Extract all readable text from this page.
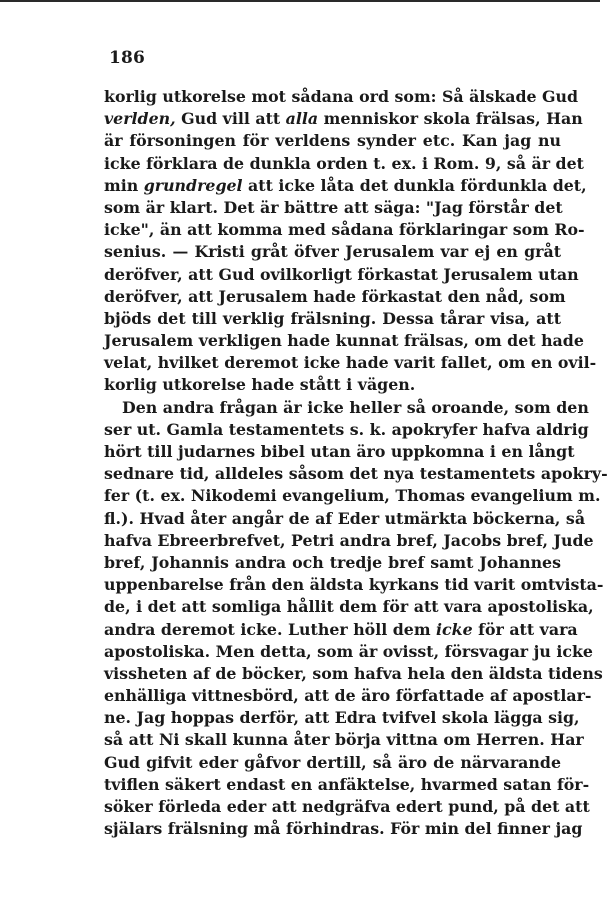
186
korlig utkorelse mot sådana ord som: Så älskade Gud
verlden, Gud vill att alla menniskor skola frälsas, Han
är försoningen för verldens synder etc. Kan jag nu
icke förklara de dunkla orden t. ex. i Rom. 9, så är det
min grundregel att icke låta det dunkla fördunkla det,
som är klart. Det är bättre att säga: "Jag förstår det
icke", än att komma med sådana förklaringar som Ro-
senius. — Kristi gråt öfver Jerusalem var ej en gråt
deröfver, att Gud ovilkorligt förkastat Jerusalem utan
deröfver, att Jerusalem hade förkastat den nåd, som
bjöds det till verklig frälsning. Dessa tårar visa, att
Jerusalem verkligen hade kunnat frälsas, om det hade
velat, hvilket deremot icke hade varit fallet, om en ovil-
korlig utkorelse hade stått i vägen.
Den andra frågan är icke heller så oroande, som den
ser ut. Gamla testamentets s. k. apokryfer hafva aldrig
hört till judarnes bibel utan äro uppkomna i en långt
sednare tid, alldeles såsom det nya testamentets apokry-
fer (t. ex. Nikodemi evangelium, Thomas evangelium m.
fl.). Hvad åter angår de af Eder utmärkta böckerna, så
hafva Ebreerbrefvet, Petri andra bref, Jacobs bref, Jude
bref, Johannis andra och tredje bref samt Johannes
uppenbarelse från den äldsta kyrkans tid varit omtvista-
de, i det att somliga hållit dem för att vara apostoliska,
andra deremot icke. Luther höll dem icke för att vara
apostoliska. Men detta, som är ovisst, försvagar ju icke
vissheten af de böcker, som hafva hela den äldsta tidens
enhälliga vittnesbörd, att de äro författade af apostlar-
ne. Jag hoppas derför, att Edra tvifvel skola lägga sig,
så att Ni skall kunna åter börja vittna om Herren. Har
Gud gifvit eder gåfvor dertill, så äro de närvarande
tviflen säkert endast en anfäktelse, hvarmed satan för-
söker förleda eder att nedgräfva edert pund, på det att
själars frälsning må förhindras. För min del finner jag
